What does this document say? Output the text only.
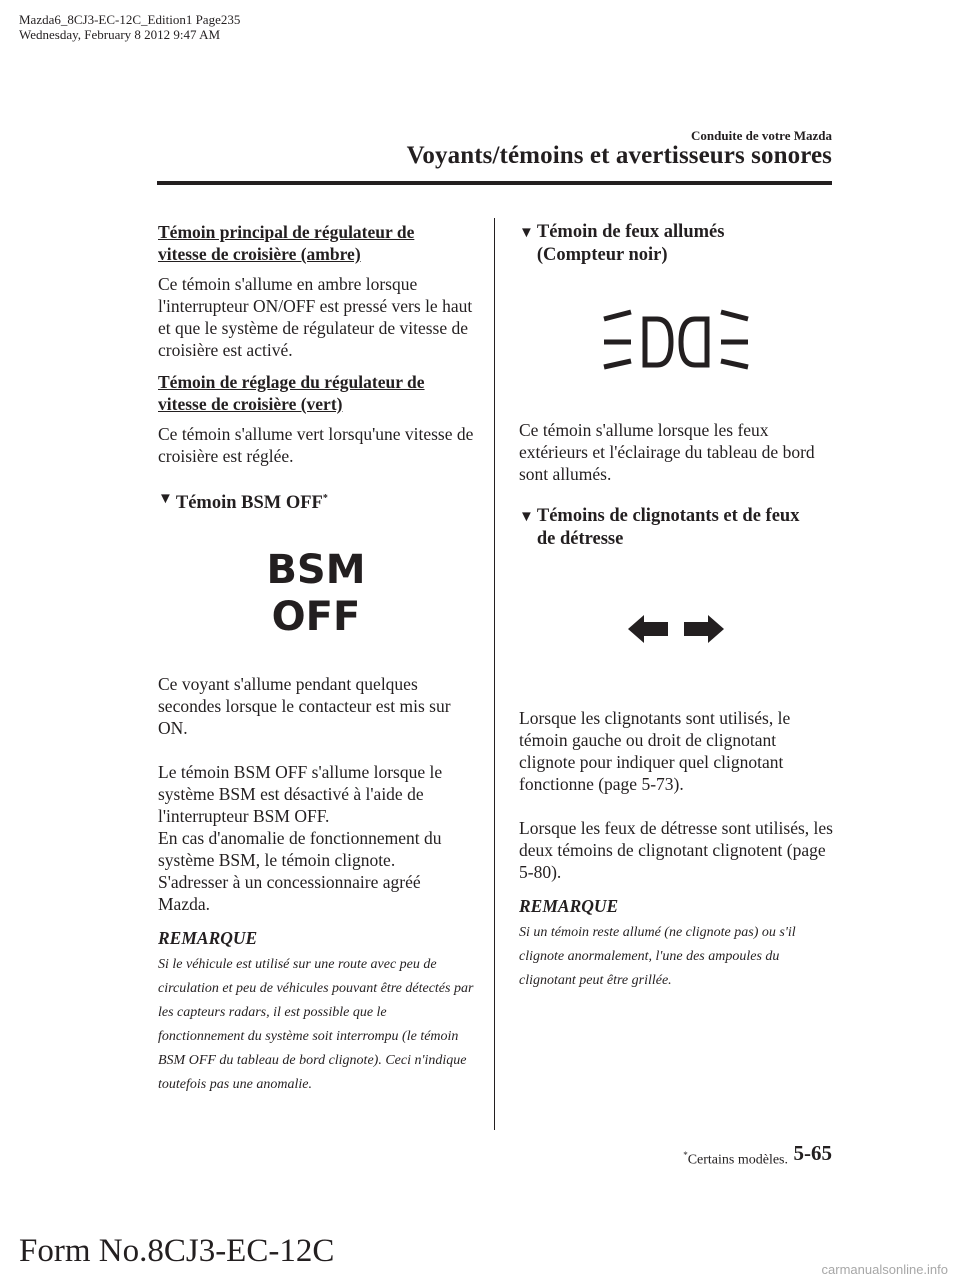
Mazda6_8CJ3-EC-12C_Edition1 Page235
Wednesday, February 8 2012 9:47 AM
Conduite de votre Mazda
Voyants/témoins et avertisseurs sonores
Témoin principal de régulateur de
vitesse de croisière (ambre)

Ce témoin s'allume en ambre lorsque l'interrupteur ON/OFF est pressé vers le haut et que le système de régulateur de vitesse de croisière est activé.

Témoin de réglage du régulateur de
vitesse de croisière (vert)

Ce témoin s'allume vert lorsqu'une vitesse de croisière est réglée.

▼ Témoin BSM OFF*
BSM
OFF

Ce voyant s'allume pendant quelques secondes lorsque le contacteur est mis sur ON.

Le témoin BSM OFF s'allume lorsque le système BSM est désactivé à l'aide de l'interrupteur BSM OFF.

En cas d'anomalie de fonctionnement du système BSM, le témoin clignote.

S'adresser à un concessionnaire agréé Mazda.

REMARQUE

Si le véhicule est utilisé sur une route avec peu de circulation et peu de véhicules pouvant être détectés par les capteurs radars, il est possible que le fonctionnement du système soit interrompu (le témoin BSM OFF du tableau de bord clignote). Ceci n'indique toutefois pas une anomalie.

▼ Témoin de feux allumés
(Compteur noir)

Ce témoin s'allume lorsque les feux extérieurs et l'éclairage du tableau de bord sont allumés.

▼ Témoins de clignotants et de feux
de détresse

Lorsque les clignotants sont utilisés, le témoin gauche ou droit de clignotant clignote pour indiquer quel clignotant fonctionne (page 5-73).

Lorsque les feux de détresse sont utilisés, les deux témoins de clignotant clignotent (page 5-80).

REMARQUE

Si un témoin reste allumé (ne clignote pas) ou s'il clignote anormalement, l'une des ampoules du clignotant peut être grillée.

*Certains modèles. 5-65
Form No.8CJ3-EC-12C
carmanualsonline.info
